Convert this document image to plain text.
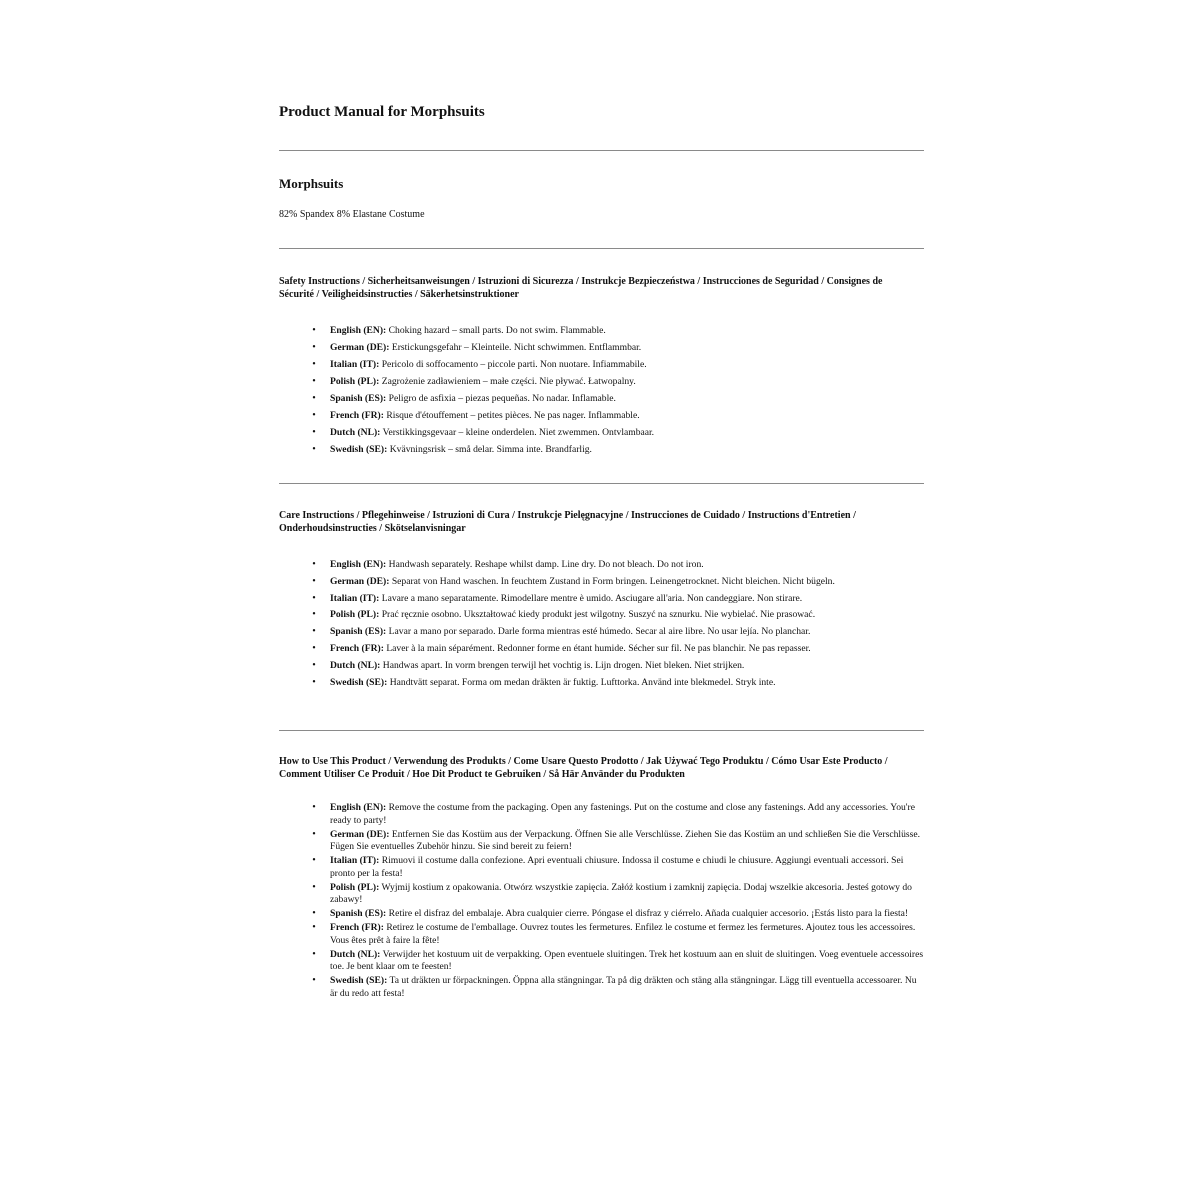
Product Manual for Morphsuits
Morphsuits

82% Spandex 8% Elastane Costume

Safety Instructions / Sicherheitsanweisungen / Istruzioni di Sicurezza / Instrukcje Bezpieczeństwa / Instrucciones de Seguridad / Consignes de Sécurité / Veiligheidsinstructies / Säkerhetsinstruktioner
• English (EN): Choking hazard – small parts. Do not swim. Flammable.
• German (DE): Erstickungsgefahr – Kleinteile. Nicht schwimmen. Entflammbar.
• Italian (IT): Pericolo di soffocamento – piccole parti. Non nuotare. Infiammabile.
• Polish (PL): Zagrożenie zadławieniem – małe części. Nie pływać. Łatwopalny.
• Spanish (ES): Peligro de asfixia – piezas pequeñas. No nadar. Inflamable.
• French (FR): Risque d'étouffement – petites pièces. Ne pas nager. Inflammable.
• Dutch (NL): Verstikkingsgevaar – kleine onderdelen. Niet zwemmen. Ontvlambaar.
• Swedish (SE): Kvävningsrisk – små delar. Simma inte. Brandfarlig.
Care Instructions / Pflegehinweise / Istruzioni di Cura / Instrukcje Pielęgnacyjne / Instrucciones de Cuidado / Instructions d'Entretien / Onderhoudsinstructies / Skötselanvisningar
• English (EN): Handwash separately. Reshape whilst damp. Line dry. Do not bleach. Do not iron.
• German (DE): Separat von Hand waschen. In feuchtem Zustand in Form bringen. Leinengetrocknet. Nicht bleichen. Nicht bügeln.
• Italian (IT): Lavare a mano separatamente. Rimodellare mentre è umido. Asciugare all'aria. Non candeggiare. Non stirare.
• Polish (PL): Prać ręcznie osobno. Ukształtować kiedy produkt jest wilgotny. Suszyć na sznurku. Nie wybielać. Nie prasować.
• Spanish (ES): Lavar a mano por separado. Darle forma mientras esté húmedo. Secar al aire libre. No usar lejía. No planchar.
• French (FR): Laver à la main séparément. Redonner forme en étant humide. Sécher sur fil. Ne pas blanchir. Ne pas repasser.
• Dutch (NL): Handwas apart. In vorm brengen terwijl het vochtig is. Lijn drogen. Niet bleken. Niet strijken.
• Swedish (SE): Handtvätt separat. Forma om medan dräkten är fuktig. Lufttorka. Använd inte blekmedel. Stryk inte.
How to Use This Product / Verwendung des Produkts / Come Usare Questo Prodotto / Jak Używać Tego Produktu / Cómo Usar Este Producto / Comment Utiliser Ce Produit / Hoe Dit Product te Gebruiken / Så Här Använder du Produkten
• English (EN): Remove the costume from the packaging. Open any fastenings. Put on the costume and close any fastenings. Add any accessories. You're ready to party!
• German (DE): Entfernen Sie das Kostüm aus der Verpackung. Öffnen Sie alle Verschlüsse. Ziehen Sie das Kostüm an und schließen Sie die Verschlüsse. Fügen Sie eventuelles Zubehör hinzu. Sie sind bereit zu feiern!
• Italian (IT): Rimuovi il costume dalla confezione. Apri eventuali chiusure. Indossa il costume e chiudi le chiusure. Aggiungi eventuali accessori. Sei pronto per la festa!
• Polish (PL): Wyjmij kostium z opakowania. Otwórz wszystkie zapięcia. Załóż kostium i zamknij zapięcia. Dodaj wszelkie akcesoria. Jesteś gotowy do zabawy!
• Spanish (ES): Retire el disfraz del embalaje. Abra cualquier cierre. Póngase el disfraz y ciérrelo. Añada cualquier accesorio. ¡Estás listo para la fiesta!
• French (FR): Retirez le costume de l'emballage. Ouvrez toutes les fermetures. Enfilez le costume et fermez les fermetures. Ajoutez tous les accessoires. Vous êtes prêt à faire la fête!
• Dutch (NL): Verwijder het kostuum uit de verpakking. Open eventuele sluitingen. Trek het kostuum aan en sluit de sluitingen. Voeg eventuele accessoires toe. Je bent klaar om te feesten!
• Swedish (SE): Ta ut dräkten ur förpackningen. Öppna alla stängningar. Ta på dig dräkten och stäng alla stängningar. Lägg till eventuella accessoarer. Nu är du redo att festa!
